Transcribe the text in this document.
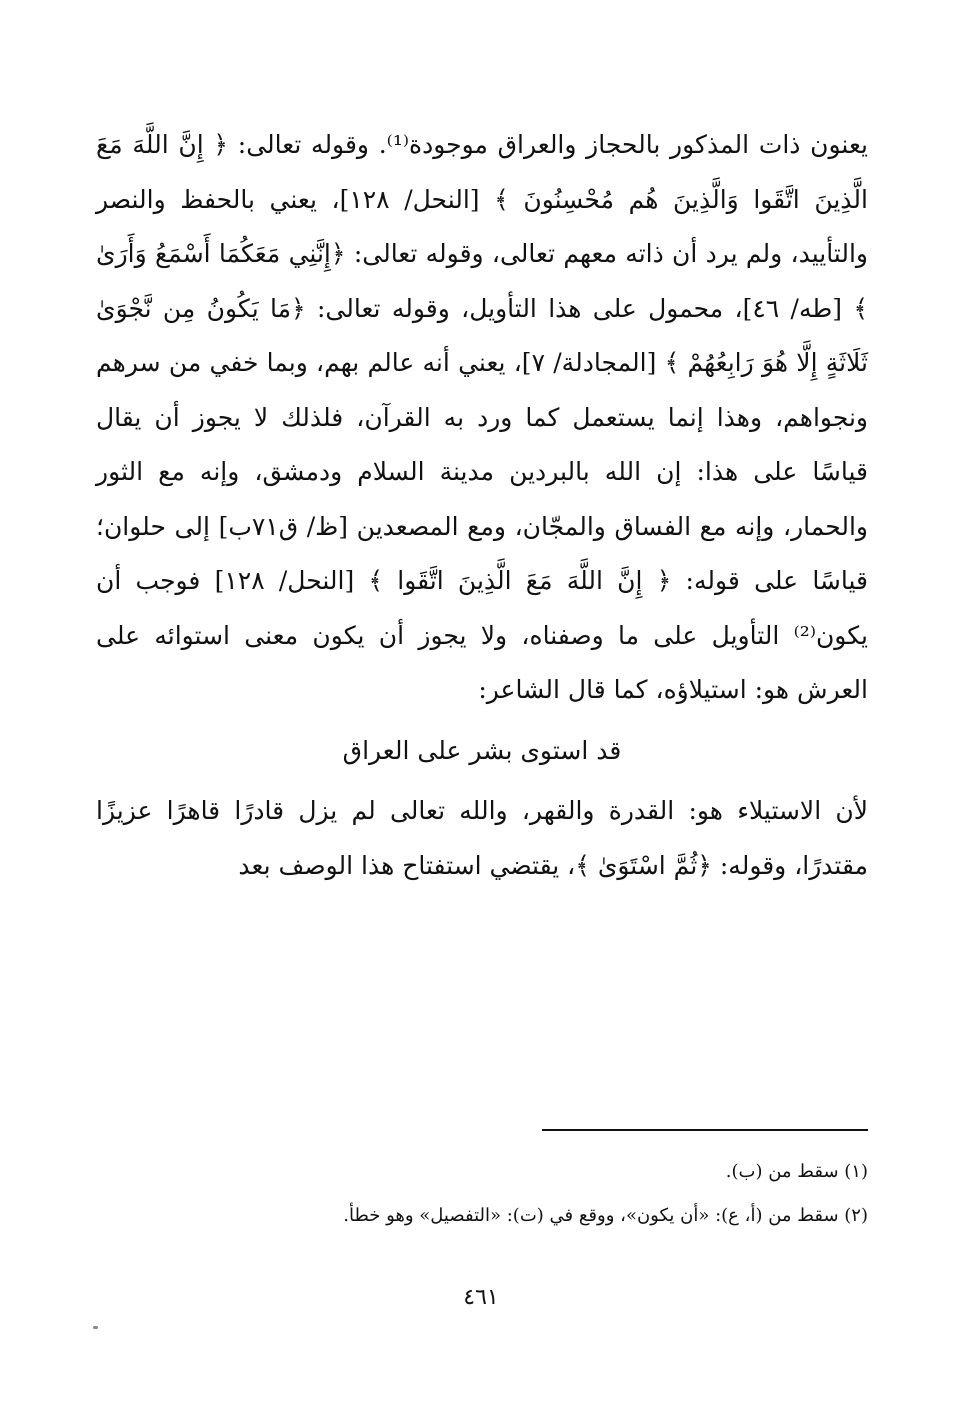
يعنون ذات المذكور بالحجاز والعراق موجودة⁽¹⁾. وقوله تعالى: ﴿ إِنَّ اللَّهَ مَعَ الَّذِينَ اتَّقَوا وَالَّذِينَ هُم مُحْسِنُونَ ﴾ [النحل/ ١٢٨]، يعني بالحفظ والنصر والتأييد، ولم يرد أن ذاته معهم تعالى، وقوله تعالى: ﴿إِنَّنِي مَعَكُمَا أَسْمَعُ وَأَرَىٰ ﴾ [طه/ ٤٦]، محمول على هذا التأويل، وقوله تعالى: ﴿مَا يَكُونُ مِن نَّجْوَىٰ ثَلَاثَةٍ إِلَّا هُوَ رَابِعُهُمْ ﴾ [المجادلة/ ٧]، يعني أنه عالم بهم، وبما خفي من سرهم ونجواهم، وهذا إنما يستعمل كما ورد به القرآن، فلذلك لا يجوز أن يقال قياسًا على هذا: إن الله بالبردين مدينة السلام ودمشق، وإنه مع الثور والحمار، وإنه مع الفساق والمجّان، ومع المصعدين [ظ/ ق٧١ب] إلى حلوان؛ قياسًا على قوله: ﴿ إِنَّ اللَّهَ مَعَ الَّذِينَ اتَّقَوا ﴾ [النحل/ ١٢٨] فوجب أن يكون⁽²⁾ التأويل على ما وصفناه، ولا يجوز أن يكون معنى استوائه على العرش هو: استيلاؤه، كما قال الشاعر:

قد استوى بشر على العراق

لأن الاستيلاء هو: القدرة والقهر، والله تعالى لم يزل قادرًا قاهرًا عزيزًا مقتدرًا، وقوله: ﴿ثُمَّ اسْتَوَىٰ ﴾، يقتضي استفتاح هذا الوصف بعد

(١) سقط من (ب).
(٢) سقط من (أ، ع): «أن يكون»، ووقع في (ت): «التفصيل» وهو خطأ.
٤٦١
